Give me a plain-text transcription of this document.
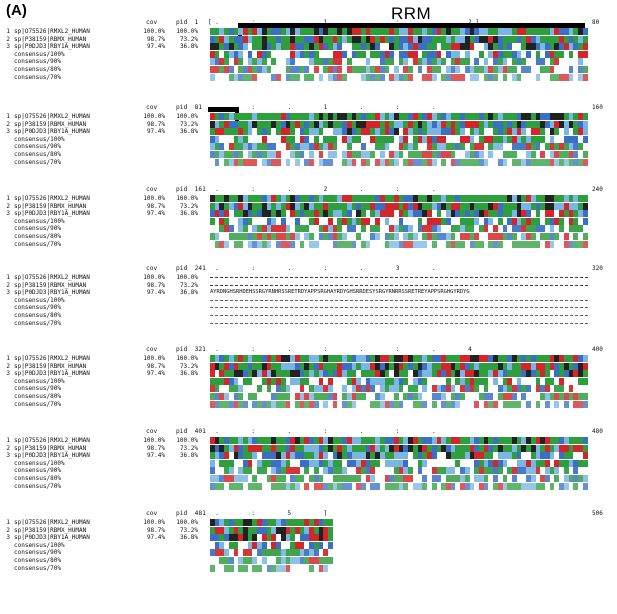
(A)	RRM
cov	pid  1 [ .         :         .         1         .         :         .         2 ]	80
1 sp|O75526|RMXL2_HUMAN	100.0%	100.0%
2 sp|P38159|RBMX_HUMAN	98.7%	73.2%
3 sp|P0DJD3|RBY1A_HUMAN	97.4%	36.8%
consensus/100%
consensus/90%
consensus/80%
consensus/70%
cov	pid  81 .         :         .         1         .         :         .	160
1 sp|O75526|RMXL2_HUMAN	100.0%	100.0%
2 sp|P38159|RBMX_HUMAN	98.7%	73.2%
3 sp|P0DJD3|RBY1A_HUMAN	97.4%	36.8%
consensus/100%
consensus/90%
consensus/80%
consensus/70%
cov	pid  161 .         :         .         2         .         :         .	240
1 sp|O75526|RMXL2_HUMAN	100.0%	100.0%
2 sp|P38159|RBMX_HUMAN	98.7%	73.2%
3 sp|P0DJD3|RBY1A_HUMAN	97.4%	36.8%
consensus/100%
consensus/90%
consensus/80%
consensus/70%
cov	pid  241 .         :         .         :         .         3         .	320
1 sp|O75526|RMXL2_HUMAN	100.0%	100.0%
2 sp|P38159|RBMX_HUMAN	98.7%	73.2%
3 sp|P0DJD3|RBY1A_HUMAN	97.4%	36.8% AYRDNGHSRHDEHSSRGYRNHRSSRETRDYAPPSRGHAYRDYGHSRRDESYSRGYRNRRSSRETREYAPPSRGHGYRDYG
consensus/100%
consensus/90%
consensus/80%
consensus/70%
cov	pid  321 .         :         .         :         .         :         .         4	400
1 sp|O75526|RMXL2_HUMAN	100.0%	100.0%
2 sp|P38159|RBMX_HUMAN	98.7%	73.2%
3 sp|P0DJD3|RBY1A_HUMAN	97.4%	36.8%
consensus/100%
consensus/90%
consensus/80%
consensus/70%
cov	pid  401 .         :         .         :         .         :         .	480
1 sp|O75526|RMXL2_HUMAN	100.0%	100.0%
2 sp|P38159|RBMX_HUMAN	98.7%	73.2%
3 sp|P0DJD3|RBY1A_HUMAN	97.4%	36.8%
consensus/100%
consensus/90%
consensus/80%
consensus/70%
cov	pid  481 .         :         5         ]	506
1 sp|O75526|RMXL2_HUMAN	100.0%	100.0%
2 sp|P38159|RBMX_HUMAN	98.7%	73.2%
3 sp|P0DJD3|RBY1A_HUMAN	97.4%	36.8%
consensus/100%
consensus/90%
consensus/80%
consensus/70%
